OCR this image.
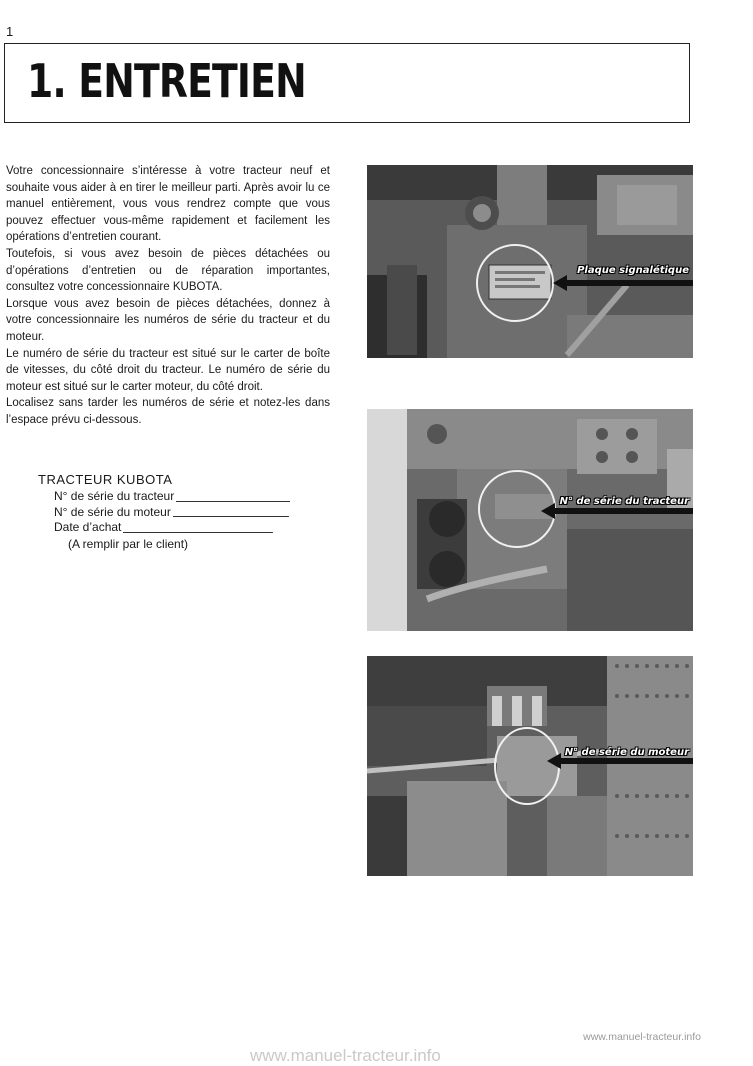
1
1. ENTRETIEN

Votre concessionnaire s’intéresse à votre tracteur neuf et souhaite vous aider à en tirer le meilleur parti. Après avoir lu ce manuel entièrement, vous vous rendrez compte que vous pouvez effectuer vous-même rapidement et facilement les opérations d’entretien courant.

Toutefois, si vous avez besoin de pièces détachées ou d’opérations d’entretien ou de réparation importantes, consultez votre concessionnaire KUBOTA.

Lorsque vous avez besoin de pièces détachées, donnez à votre concessionnaire les numéros de série du tracteur et du moteur.

Le numéro de série du tracteur est situé sur le carter de boîte de vitesses, du côté droit du tracteur. Le numéro de série du moteur est situé sur le carter moteur, du côté droit.

Localisez sans tarder les numéros de série et notez-les dans l’espace prévu ci-dessous.

TRACTEUR KUBOTA
N° de série du tracteur
N° de série du moteur
Date d’achat
(A remplir par le client)
Plaque signalétique
N° de série du tracteur
N° de série du moteur
www.manuel-tracteur.info
www.manuel-tracteur.info
